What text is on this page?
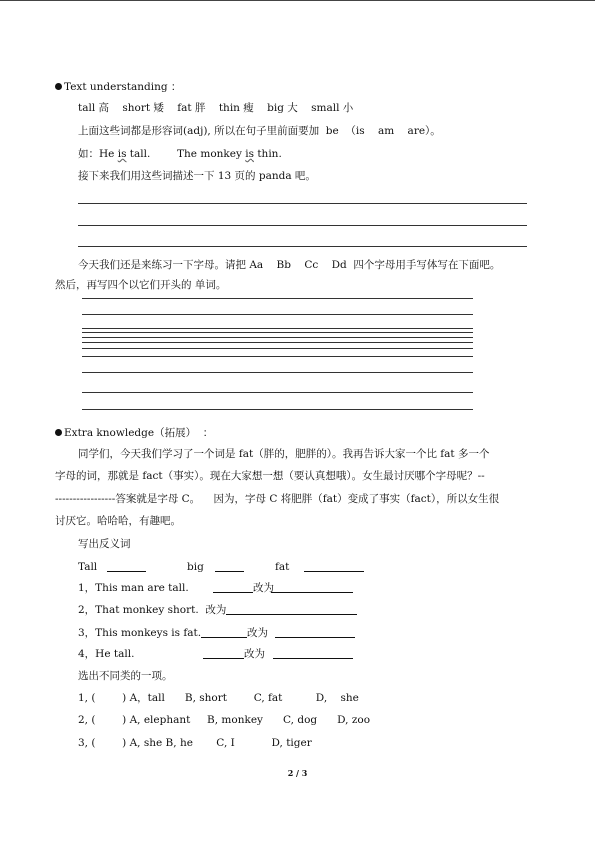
Text understanding ：
tall 高    short 矮    fat 胖    thin 瘦    big 大    small 小
上面这些词都是形容词(adj), 所以在句子里前面要加  be  （is    am    are）。
如：He is tall.        The monkey is thin.
接下来我们用这些词描述一下 13 页的 panda 吧。
今天我们还是来练习一下字母。请把 Aa    Bb    Cc    Dd  四个字母用手写体写在下面吧。
然后，再写四个以它们开头的 单词。
Extra knowledge（拓展）  ：
同学们，今天我们学习了一个词是 fat（胖的，肥胖的）。我再告诉大家一个比 fat 多一个
字母的词，那就是 fact（事实）。现在大家想一想（要认真想哦）。女生最讨厌哪个字母呢？--
-----------------答案就是字母 C。    因为，字母 C 将肥胖（fat）变成了事实（fact），所以女生很
讨厌它。哈哈哈，有趣吧。
写出反义词
Tall	big	fat
1，This man are tall.	改为
2，That monkey short.  改为
3，This monkeys is fat.	改为
4，He tall.	改为
选出不同类的一项。
1, (        ) A，tall      B, short        C, fat          D,    she
2, (        ) A, elephant     B, monkey      C, dog      D, zoo
3, (        ) A, she B, he       C, I           D, tiger
2 / 3
